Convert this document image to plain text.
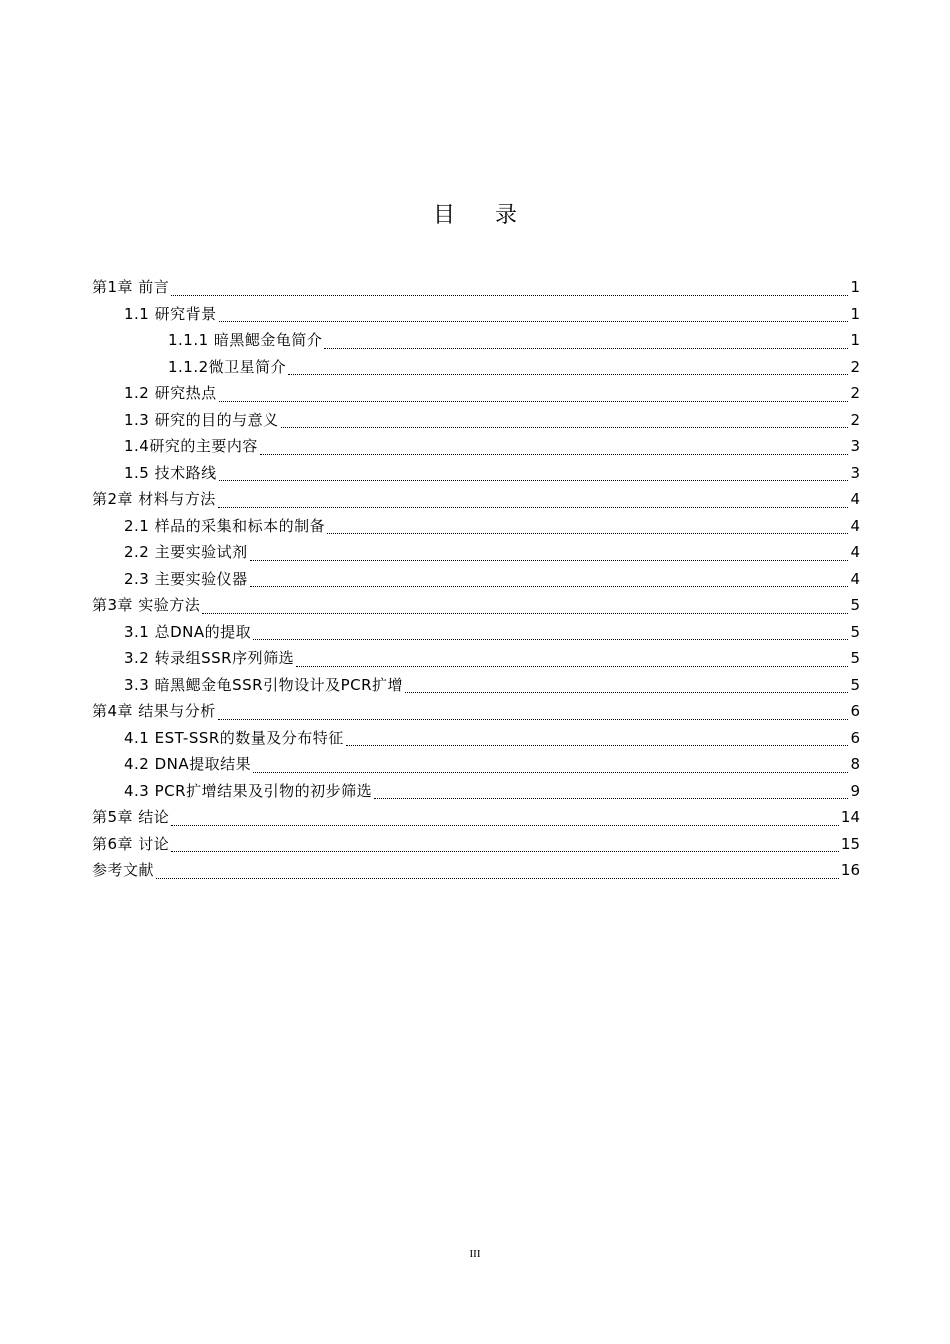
目录
第1章 前言	1
1.1 研究背景	1
1.1.1 暗黑鳃金龟简介	1
1.1.2微卫星简介	2
1.2 研究热点	2
1.3 研究的目的与意义	2
1.4研究的主要内容	3
1.5 技术路线	3
第2章 材料与方法	4
2.1 样品的采集和标本的制备	4
2.2 主要实验试剂	4
2.3 主要实验仪器	4
第3章 实验方法	5
3.1 总DNA的提取	5
3.2 转录组SSR序列筛选	5
3.3 暗黑鳃金龟SSR引物设计及PCR扩增	5
第4章 结果与分析	6
4.1 EST-SSR的数量及分布特征	6
4.2 DNA提取结果	8
4.3 PCR扩增结果及引物的初步筛选	9
第5章 结论	14
第6章 讨论	15
参考文献	16
III
